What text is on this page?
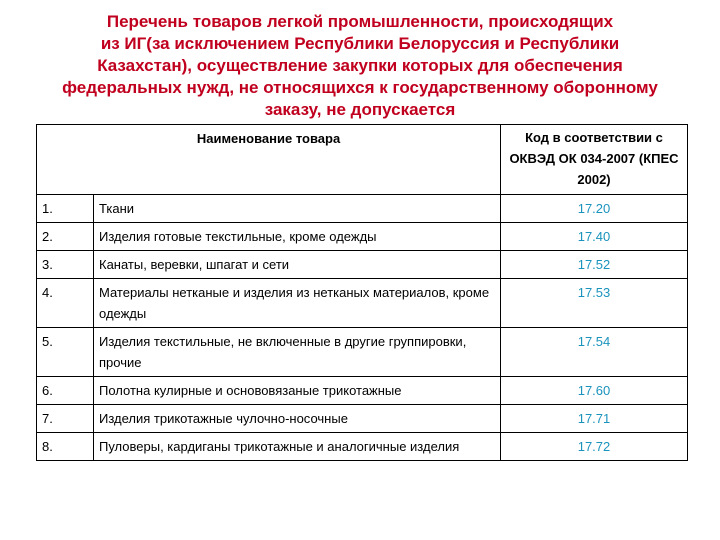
Перечень товаров легкой промышленности, происходящих
из ИГ(за исключением Республики Белоруссия и Республики
Казахстан), осуществление закупки которых для обеспечения
федеральных нужд, не относящихся к государственному оборонному
заказу, не допускается
Наименование товара		Код в соответствии с ОКВЭД ОК 034-2007 (КПЕС 2002)
1.	Ткани	17.20
2.	Изделия готовые текстильные, кроме одежды	17.40
3.	Канаты, веревки, шпагат и сети	17.52
4.	Материалы нетканые и изделия из нетканых материалов, кроме одежды	17.53
5.	Изделия текстильные, не включенные в другие группировки, прочие	17.54
6.	Полотна кулирные и основовязаные трикотажные	17.60
7.	Изделия трикотажные чулочно-носочные	17.71
8.	Пуловеры, кардиганы трикотажные и аналогичные изделия	17.72
